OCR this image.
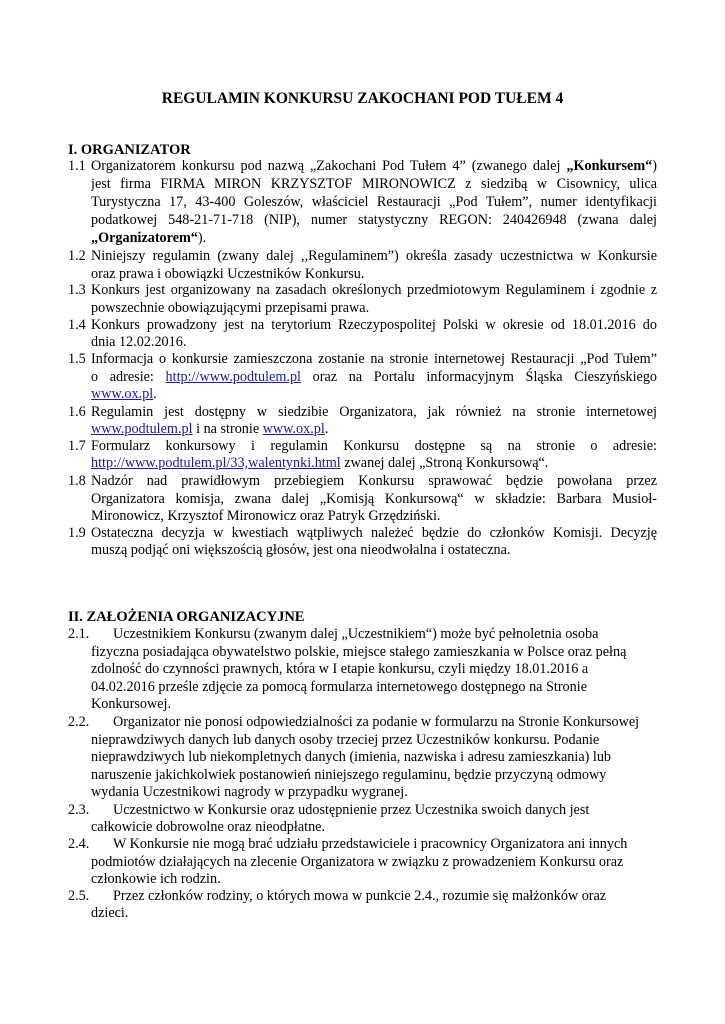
REGULAMIN KONKURSU ZAKOCHANI POD TUŁEM 4
I. ORGANIZATOR
1.1 Organizatorem konkursu pod nazwą „Zakochani Pod Tułem 4” (zwanego dalej „Konkursem“)
jest firma FIRMA MIRON KRZYSZTOF MIRONOWICZ z siedzibą w Cisownicy, ulica
Turystyczna 17, 43-400 Goleszów, właściciel Restauracji „Pod Tułem”, numer identyfikacji
podatkowej 548-21-71-718 (NIP), numer statystyczny REGON: 240426948 (zwana dalej
„Organizatorem“).
1.2 Niniejszy regulamin (zwany dalej ,,Regulaminem”) określa zasady uczestnictwa w Konkursie
oraz prawa i obowiązki Uczestników Konkursu.
1.3 Konkurs jest organizowany na zasadach określonych przedmiotowym Regulaminem i zgodnie z
powszechnie obowiązującymi przepisami prawa.
1.4 Konkurs prowadzony jest na terytorium Rzeczypospolitej Polski w okresie od 18.01.2016 do
dnia 12.02.2016.
1.5 Informacja o konkursie zamieszczona zostanie na stronie internetowej Restauracji „Pod Tułem”
o adresie: http://www.podtulem.pl oraz na Portalu informacyjnym Śląska Cieszyńskiego
www.ox.pl.
1.6 Regulamin jest dostępny w siedzibie Organizatora, jak również na stronie internetowej
www.podtulem.pl i na stronie www.ox.pl.
1.7 Formularz konkursowy i regulamin Konkursu dostępne są na stronie o adresie:
http://www.podtulem.pl/33,walentynki.html zwanej dalej „Stroną Konkursową“.
1.8 Nadzór nad prawidłowym przebiegiem Konkursu sprawować będzie powołana przez
Organizatora komisja, zwana dalej „Komisją Konkursową“ w składzie: Barbara Musioł-
Mironowicz, Krzysztof Mironowicz oraz Patryk Grzędziński.
1.9 Ostateczna decyzja w kwestiach wątpliwych należeć będzie do członków Komisji. Decyzję
muszą podjąć oni większością głosów, jest ona nieodwołalna i ostateczna.
II. ZAŁOŻENIA ORGANIZACYJNE
2.1. Uczestnikiem Konkursu (zwanym dalej „Uczestnikiem“) może być pełnoletnia osoba
fizyczna posiadająca obywatelstwo polskie, miejsce stałego zamieszkania w Polsce oraz pełną
zdolność do czynności prawnych, która w I etapie konkursu, czyli między 18.01.2016 a
04.02.2016 prześle zdjęcie za pomocą formularza internetowego dostępnego na Stronie
Konkursowej.
2.2. Organizator nie ponosi odpowiedzialności za podanie w formularzu na Stronie Konkursowej
nieprawdziwych danych lub danych osoby trzeciej przez Uczestników konkursu. Podanie
nieprawdziwych lub niekompletnych danych (imienia, nazwiska i adresu zamieszkania) lub
naruszenie jakichkolwiek postanowień niniejszego regulaminu, będzie przyczyną odmowy
wydania Uczestnikowi nagrody w przypadku wygranej.
2.3. Uczestnictwo w Konkursie oraz udostępnienie przez Uczestnika swoich danych jest
całkowicie dobrowolne oraz nieodpłatne.
2.4. W Konkursie nie mogą brać udziału przedstawiciele i pracownicy Organizatora ani innych
podmiotów działających na zlecenie Organizatora w związku z prowadzeniem Konkursu oraz
członkowie ich rodzin.
2.5. Przez członków rodziny, o których mowa w punkcie 2.4., rozumie się małżonków oraz
dzieci.
